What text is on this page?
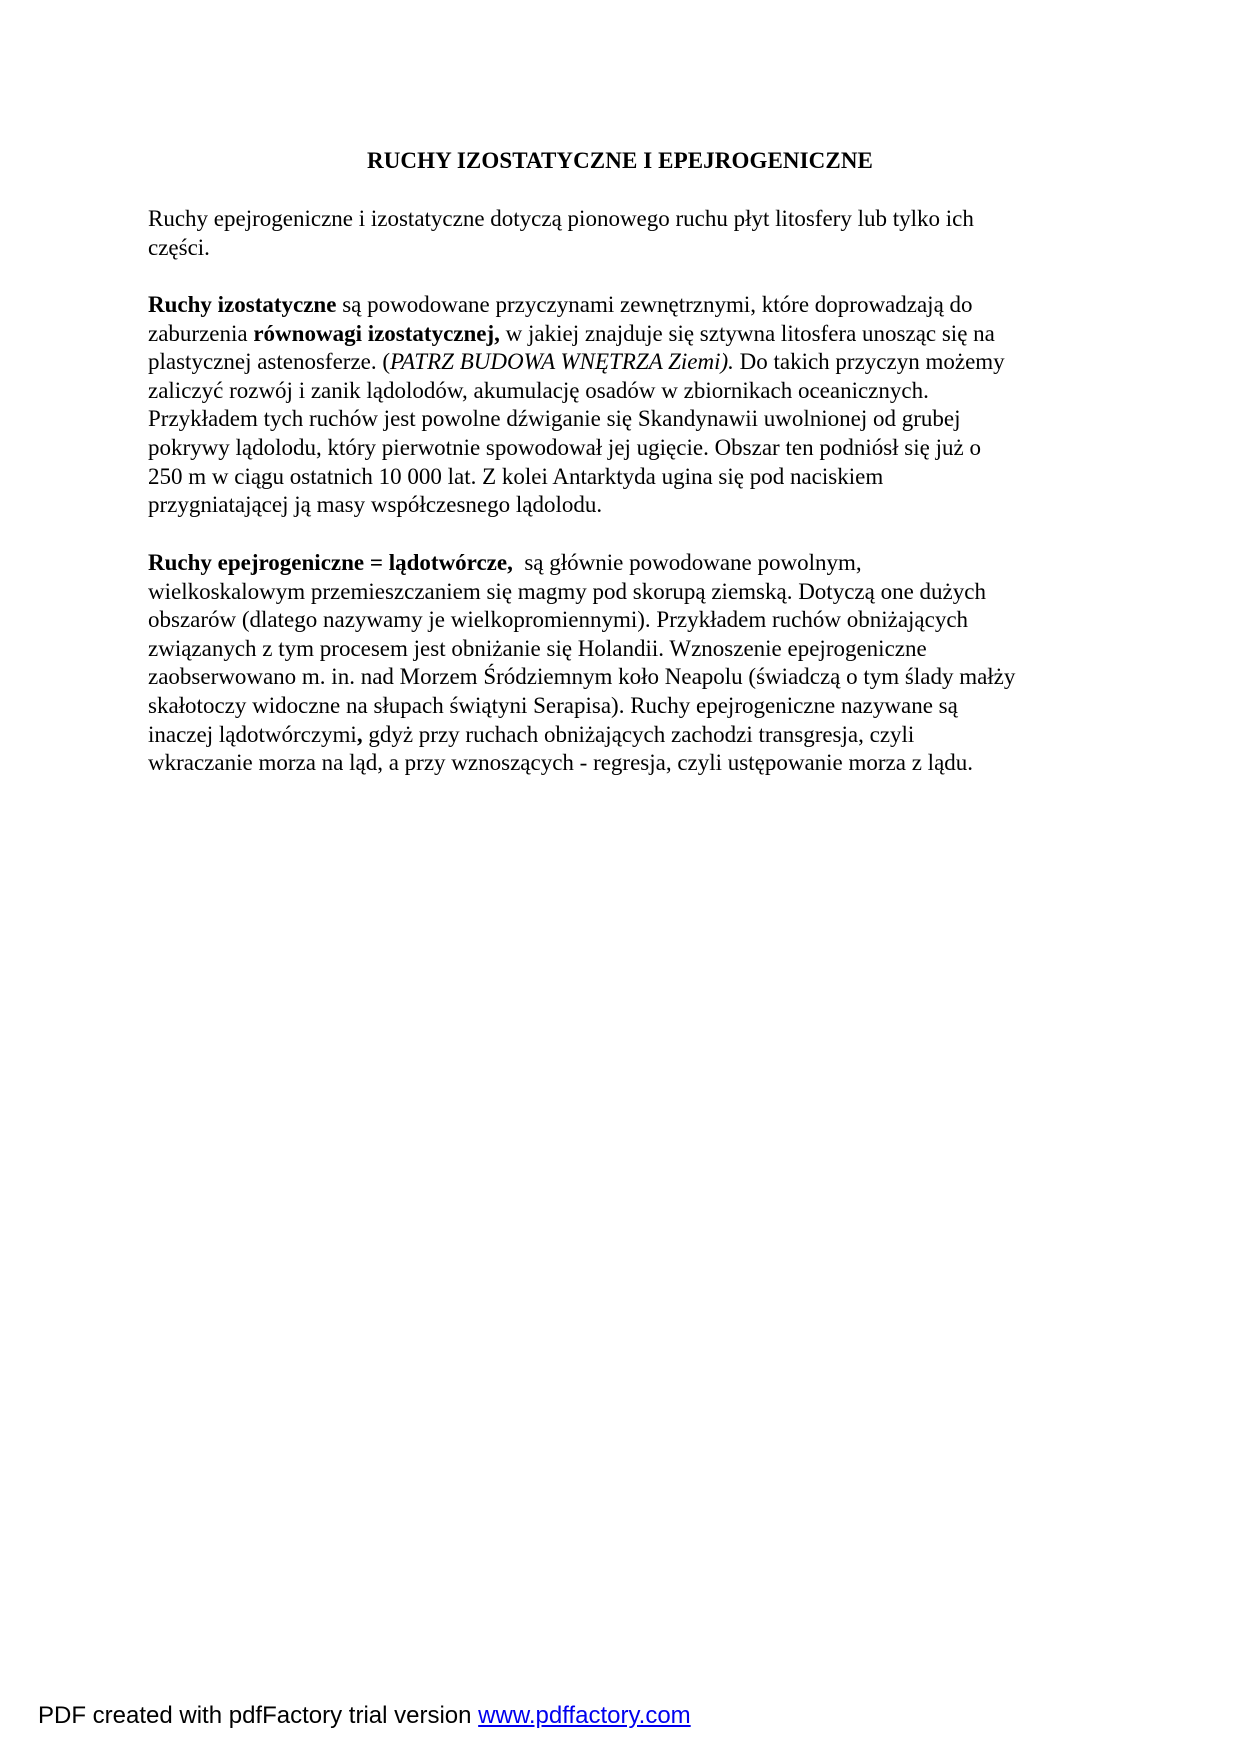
RUCHY IZOSTATYCZNE I EPEJROGENICZNE
Ruchy epejrogeniczne i izostatyczne dotyczą pionowego ruchu płyt litosfery lub tylko ich
części.
Ruchy izostatyczne są powodowane przyczynami zewnętrznymi, które doprowadzają do
zaburzenia równowagi izostatycznej, w jakiej znajduje się sztywna litosfera unosząc się na
plastycznej astenosferze. (PATRZ BUDOWA WNĘTRZA Ziemi). Do takich przyczyn możemy
zaliczyć rozwój i zanik lądolodów, akumulację osadów w zbiornikach oceanicznych.
Przykładem tych ruchów jest powolne dźwiganie się Skandynawii uwolnionej od grubej
pokrywy lądolodu, który pierwotnie spowodował jej ugięcie. Obszar ten podniósł się już o
250 m w ciągu ostatnich 10 000 lat. Z kolei Antarktyda ugina się pod naciskiem
przygniatającej ją masy współczesnego lądolodu.
Ruchy epejrogeniczne = lądotwórcze,  są głównie powodowane powolnym,
wielkoskalowym przemieszczaniem się magmy pod skorupą ziemską. Dotyczą one dużych
obszarów (dlatego nazywamy je wielkopromiennymi). Przykładem ruchów obniżających
związanych z tym procesem jest obniżanie się Holandii. Wznoszenie epejrogeniczne
zaobserwowano m. in. nad Morzem Śródziemnym koło Neapolu (świadczą o tym ślady małży
skałotoczy widoczne na słupach świątyni Serapisa). Ruchy epejrogeniczne nazywane są
inaczej lądotwórczymi, gdyż przy ruchach obniżających zachodzi transgresja, czyli
wkraczanie morza na ląd, a przy wznoszących - regresja, czyli ustępowanie morza z lądu.
PDF created with pdfFactory trial version www.pdffactory.com
